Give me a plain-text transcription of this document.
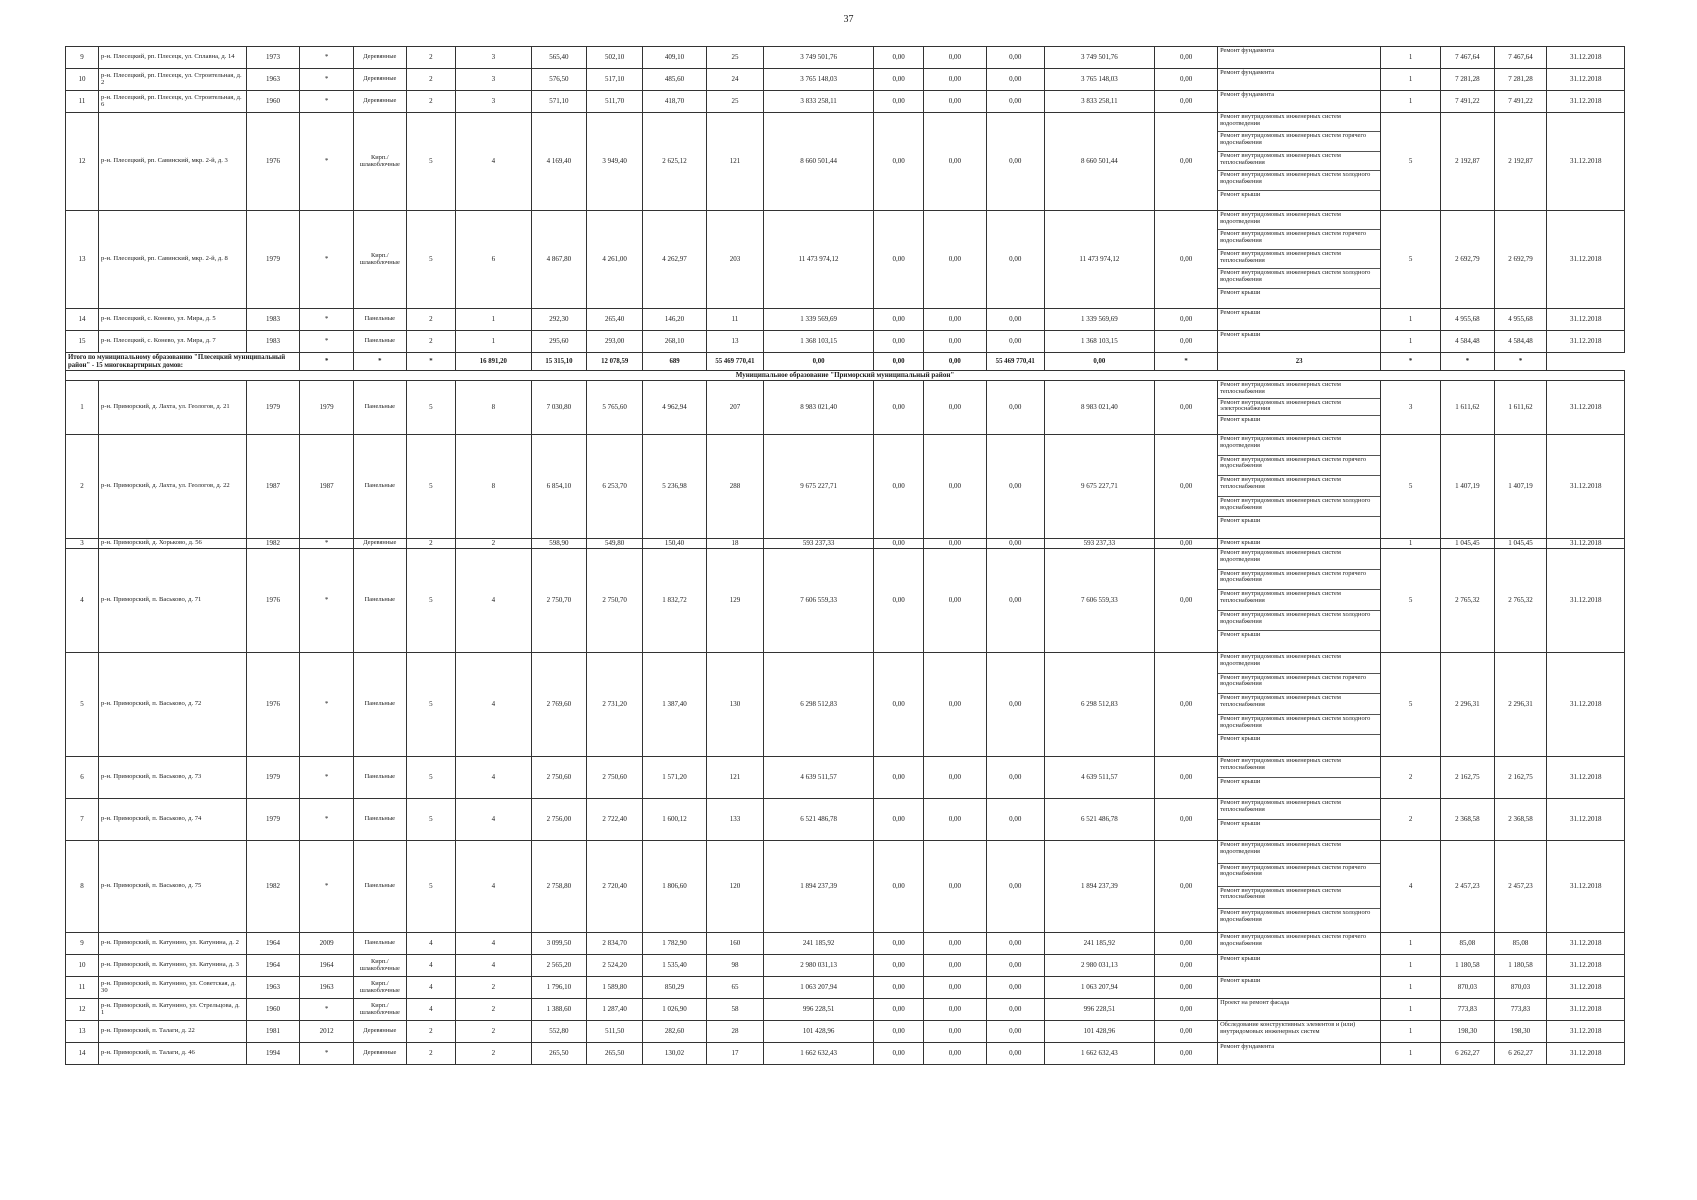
37
9	р-н. Плесецкий, рп. Плесецк, ул. Сплавна, д. 14	1973	*	Деревянные	2	3	565,40	502,10	409,10	25	3 749 501,76	0,00	0,00	0,00	3 749 501,76	0,00	Ремонт фундамента	1	7 467,64	7 467,64	31.12.2018
10	р-н. Плесецкий, рп. Плесецк, ул. Строительная, д. 2	1963	*	Деревянные	2	3	576,50	517,10	485,60	24	3 765 148,03	0,00	0,00	0,00	3 765 148,03	0,00	Ремонт фундамента	1	7 281,28	7 281,28	31.12.2018
11	р-н. Плесецкий, рп. Плесецк, ул. Строительная, д. 6	1960	*	Деревянные	2	3	571,10	511,70	418,70	25	3 833 258,11	0,00	0,00	0,00	3 833 258,11	0,00	Ремонт фундамента	1	7 491,22	7 491,22	31.12.2018
12	р-н. Плесецкий, рп. Савинский, мкр. 2-й, д. 3	1976	*	Кирп./шлакоблочные	5	4	4 169,40	3 949,40	2 625,12	121	8 660 501,44	0,00	0,00	0,00	8 660 501,44	0,00	Ремонт внутридомовых инженерных систем водоотведения
Ремонт внутридомовых инженерных систем горячего водоснабжения
Ремонт внутридомовых инженерных систем теплоснабжения
Ремонт внутридомовых инженерных систем холодного водоснабжения
Ремонт крыши	5	2 192,87	2 192,87	31.12.2018
13	р-н. Плесецкий, рп. Савинский, мкр. 2-й, д. 8	1979	*	Кирп./шлакоблочные	5	6	4 867,80	4 261,00	4 262,97	203	11 473 974,12	0,00	0,00	0,00	11 473 974,12	0,00	Ремонт внутридомовых инженерных систем водоотведения
Ремонт внутридомовых инженерных систем горячего водоснабжения
Ремонт внутридомовых инженерных систем теплоснабжения
Ремонт внутридомовых инженерных систем холодного водоснабжения
Ремонт крыши	5	2 692,79	2 692,79	31.12.2018
14	р-н. Плесецкий, с. Конево, ул. Мира, д. 5	1983	*	Панельные	2	1	292,30	265,40	146,20	11	1 339 569,69	0,00	0,00	0,00	1 339 569,69	0,00	Ремонт крыши	1	4 955,68	4 955,68	31.12.2018
15	р-н. Плесецкий, с. Конево, ул. Мира, д. 7	1983	*	Панельные	2	1	295,60	293,00	268,10	13	1 368 103,15	0,00	0,00	0,00	1 368 103,15	0,00	Ремонт крыши	1	4 584,48	4 584,48	31.12.2018
Итого по муниципальному образованию "Плесецкий муниципальный район" - 15 многоквартирных домов:			*	*	*	16 891,20	15 315,10	12 078,59	689	55 469 770,41	0,00	0,00	0,00	55 469 770,41	0,00	*	23	*	*	*	
Муниципальное образование "Приморский муниципальный район"																					
1	р-н. Приморский, д. Лахта, ул. Геологов, д. 21	1979	1979	Панельные	5	8	7 030,80	5 765,60	4 962,94	207	8 983 021,40	0,00	0,00	0,00	8 983 021,40	0,00	Ремонт внутридомовых инженерных систем теплоснабжения
Ремонт внутридомовых инженерных систем электроснабжения
Ремонт крыши	3	1 611,62	1 611,62	31.12.2018
2	р-н. Приморский, д. Лахта, ул. Геологов, д. 22	1987	1987	Панельные	5	8	6 854,10	6 253,70	5 236,98	288	9 675 227,71	0,00	0,00	0,00	9 675 227,71	0,00	Ремонт внутридомовых инженерных систем водоотведения
Ремонт внутридомовых инженерных систем горячего водоснабжения
Ремонт внутридомовых инженерных систем теплоснабжения
Ремонт внутридомовых инженерных систем холодного водоснабжения
Ремонт крыши	5	1 407,19	1 407,19	31.12.2018
3	р-н. Приморский, д. Хорьково, д. 56	1982	*	Деревянные	2	2	598,90	549,80	150,40	18	593 237,33	0,00	0,00	0,00	593 237,33	0,00	Ремонт крыши	1	1 045,45	1 045,45	31.12.2018
4	р-н. Приморский, п. Васьково, д. 71	1976	*	Панельные	5	4	2 750,70	2 750,70	1 832,72	129	7 606 559,33	0,00	0,00	0,00	7 606 559,33	0,00	Ремонт внутридомовых инженерных систем водоотведения
Ремонт внутридомовых инженерных систем горячего водоснабжения
Ремонт внутридомовых инженерных систем теплоснабжения
Ремонт внутридомовых инженерных систем холодного водоснабжения
Ремонт крыши	5	2 765,32	2 765,32	31.12.2018
5	р-н. Приморский, п. Васьково, д. 72	1976	*	Панельные	5	4	2 769,60	2 731,20	1 387,40	130	6 298 512,83	0,00	0,00	0,00	6 298 512,83	0,00	Ремонт внутридомовых инженерных систем водоотведения
Ремонт внутридомовых инженерных систем горячего водоснабжения
Ремонт внутридомовых инженерных систем теплоснабжения
Ремонт внутридомовых инженерных систем холодного водоснабжения
Ремонт крыши	5	2 296,31	2 296,31	31.12.2018
6	р-н. Приморский, п. Васьково, д. 73	1979	*	Панельные	5	4	2 750,60	2 750,60	1 571,20	121	4 639 511,57	0,00	0,00	0,00	4 639 511,57	0,00	Ремонт внутридомовых инженерных систем теплоснабжения
Ремонт крыши	2	2 162,75	2 162,75	31.12.2018
7	р-н. Приморский, п. Васьково, д. 74	1979	*	Панельные	5	4	2 756,00	2 722,40	1 600,12	133	6 521 486,78	0,00	0,00	0,00	6 521 486,78	0,00	Ремонт внутридомовых инженерных систем теплоснабжения
Ремонт крыши	2	2 368,58	2 368,58	31.12.2018
8	р-н. Приморский, п. Васьково, д. 75	1982	*	Панельные	5	4	2 758,80	2 720,40	1 806,60	120	1 894 237,39	0,00	0,00	0,00	1 894 237,39	0,00	Ремонт внутридомовых инженерных систем водоотведения
Ремонт внутридомовых инженерных систем горячего водоснабжения
Ремонт внутридомовых инженерных систем теплоснабжения
Ремонт внутридомовых инженерных систем холодного водоснабжения	4	2 457,23	2 457,23	31.12.2018
9	р-н. Приморский, п. Катунино, ул. Катунина, д. 2	1964	2009	Панельные	4	4	3 099,50	2 834,70	1 782,90	160	241 185,92	0,00	0,00	0,00	241 185,92	0,00	Ремонт внутридомовых инженерных систем горячего водоснабжения	1	85,08	85,08	31.12.2018
10	р-н. Приморский, п. Катунино, ул. Катунина, д. 3	1964	1964	Кирп./шлакоблочные	4	4	2 565,20	2 524,20	1 535,40	98	2 980 031,13	0,00	0,00	0,00	2 980 031,13	0,00	Ремонт крыши	1	1 180,58	1 180,58	31.12.2018
11	р-н. Приморский, п. Катунино, ул. Советская, д. 30	1963	1963	Кирп./шлакоблочные	4	2	1 796,10	1 589,80	850,29	65	1 063 207,94	0,00	0,00	0,00	1 063 207,94	0,00	Ремонт крыши	1	870,03	870,03	31.12.2018
12	р-н. Приморский, п. Катунино, ул. Стрельцова, д. 1	1960	*	Кирп./шлакоблочные	4	2	1 388,60	1 287,40	1 026,90	58	996 228,51	0,00	0,00	0,00	996 228,51	0,00	Проект на ремонт фасада	1	773,83	773,83	31.12.2018
13	р-н. Приморский, п. Талаги, д. 22	1981	2012	Деревянные	2	2	552,80	511,50	282,60	28	101 428,96	0,00	0,00	0,00	101 428,96	0,00	Обследование конструктивных элементов и (или) внутридомовых инженерных систем	1	198,30	198,30	31.12.2018
14	р-н. Приморский, п. Талаги, д. 46	1994	*	Деревянные	2	2	265,50	265,50	130,02	17	1 662 632,43	0,00	0,00	0,00	1 662 632,43	0,00	Ремонт фундамента	1	6 262,27	6 262,27	31.12.2018
